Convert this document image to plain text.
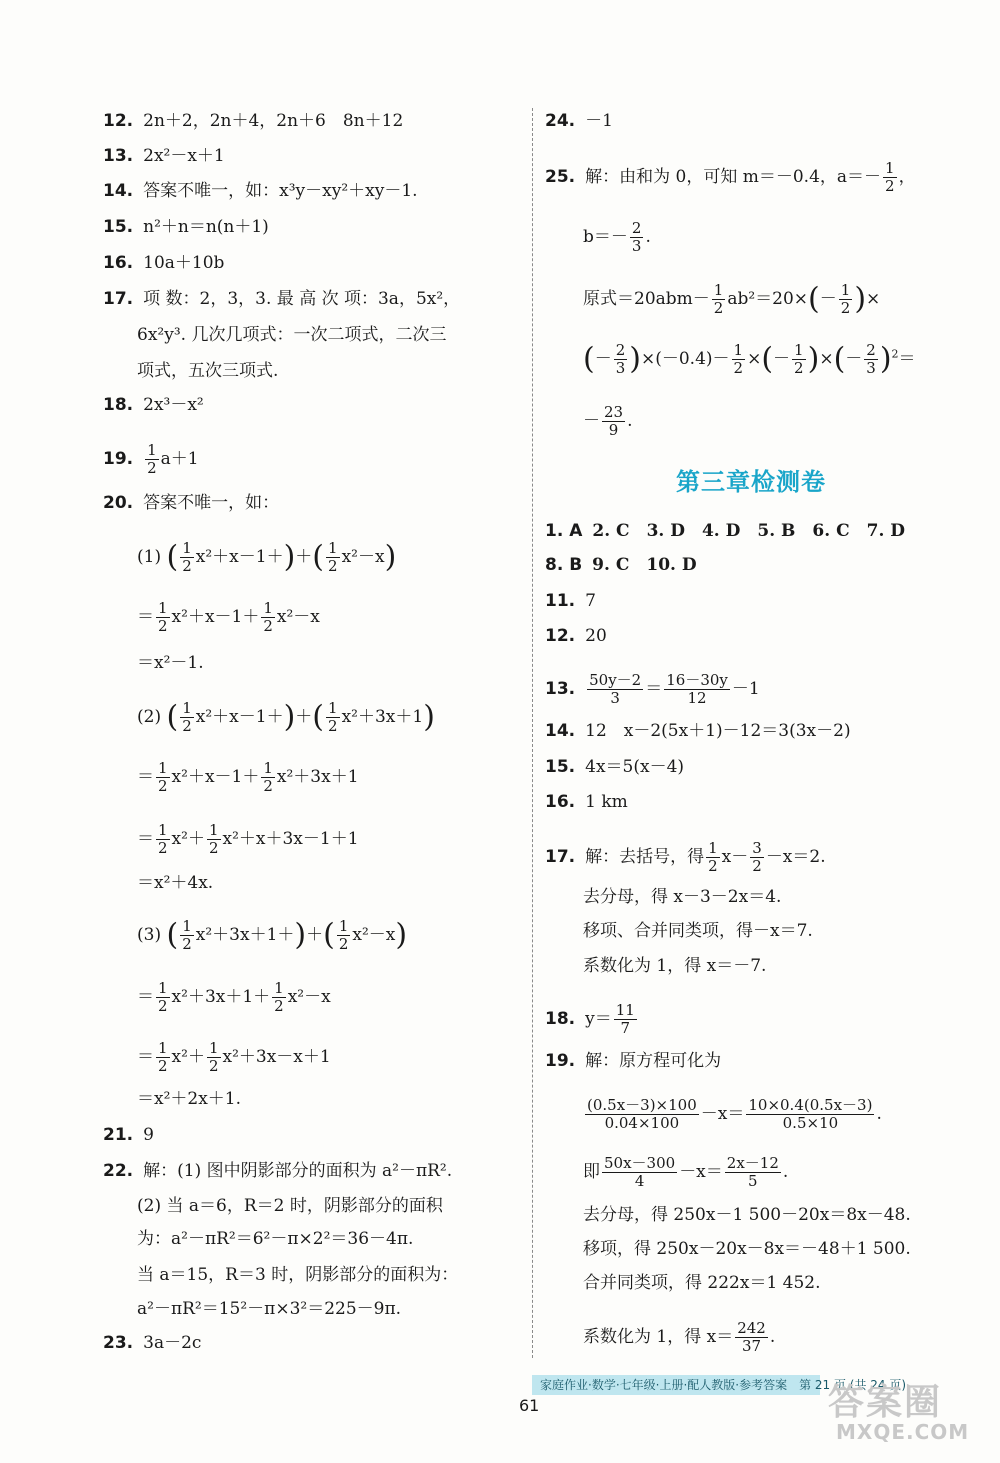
12. 2n＋2，2n＋4，2n＋6　8n＋12
13. 2x²－x＋1
14. 答案不唯一，如：x³y－xy²＋xy－1.
15. n²＋n＝n(n＋1)
16. 10a＋10b
17. 项 数：2，3，3. 最 高 次 项：3a，5x²，
6x²y³. 几次几项式：一次二项式，二次三
项式，五次三项式.
18. 2x³－x²
19. $\frac{1}{2} a+1$
20. 答案不唯一，如：
(1) ( $\frac{1}{2} x^2+x-1+)+( \frac{1}{2} x^2-x)$
＝ $\frac{1}{2} x^2+x-1+ \frac{1}{2} x^2-x$
＝x²－1.
(2) ( $\frac{1}{2} x^2+x-1+)+( \frac{1}{2} x^2+3x+1)$
＝ $\frac{1}{2} x^2+x-1+ \frac{1}{2} x^2+3x+1$
＝ $\frac{1}{2} x^2+ \frac{1}{2} x^2+x+3x-1+1$
＝x²＋4x.
(3) ( $\frac{1}{2} x^2+3x+1+)+( \frac{1}{2} x^2-x)$
＝ $\frac{1}{2} x^2+3x+1+ \frac{1}{2} x^2-x$
＝ $\frac{1}{2} x^2+ \frac{1}{2} x^2+3x-x+1$
＝x²＋2x＋1.
21. 9
22. 解：(1) 图中阴影部分的面积为 a²－πR².
(2) 当 a＝6，R＝2 时，阴影部分的面积
为：a²－πR²＝6²－π×2²＝36－4π.
当 a＝15，R＝3 时，阴影部分的面积为：
a²－πR²＝15²－π×3²＝225－9π.
23. 3a－2c
24. －1
25. 解：由和为 0，可知 m＝－0.4，$a=- \frac{1}{2}$ ，
$b=- \frac{2}{3}$ .
原式$=20abm- \frac{1}{2} ab^2=20\times(- \frac{1}{2}$ )×
(－ $\frac{2}{3} )\times(-0.4)- \frac{1}{2}$ ×(－ $\frac{1}{2}$ )×(－ $\frac{2}{3} )^2=$
－ $\frac{23}{9}$ .
1. A 2. C　3. D　4. D　5. B　6. C　7. D
8. B 9. C　10. D
11. 7
12. 20
13. $\frac{50y-2}{3} = \frac{16-30y}{12} -1$
14. 12　x－2(5x＋1)－12＝3(3x－2)
15. 4x＝5(x－4)
16. 1 km
17. 解：去括号，得 $\frac{1}{2} x- \frac{3}{2} -x=2$.
去分母，得 x－3－2x＝4.
移项、合并同类项，得－x＝7.
系数化为 1，得 x＝－7.
18. $y= \frac{11}{7}$
19. 解：原方程可化为
$\frac{(0.5x-3)\times 100}{0.04\times 100} -x= \frac{10\times 0.4(0.5x-3)}{0.5\times 10}$ .
即 $\frac{50x-300}{4} -x= \frac{2x-12}{5}$ .
去分母，得 250x－1 500－20x＝8x－48.
移项，得 250x－20x－8x＝－48＋1 500.
合并同类项，得 222x＝1 452.
系数化为 1，得 $x= \frac{242}{37}$ .
第三章检测卷
家庭作业·数学·七年级·上册·配人教版·参考答案　第 21 页 (共 24 页)
61	答案圈
MXQE.COM
